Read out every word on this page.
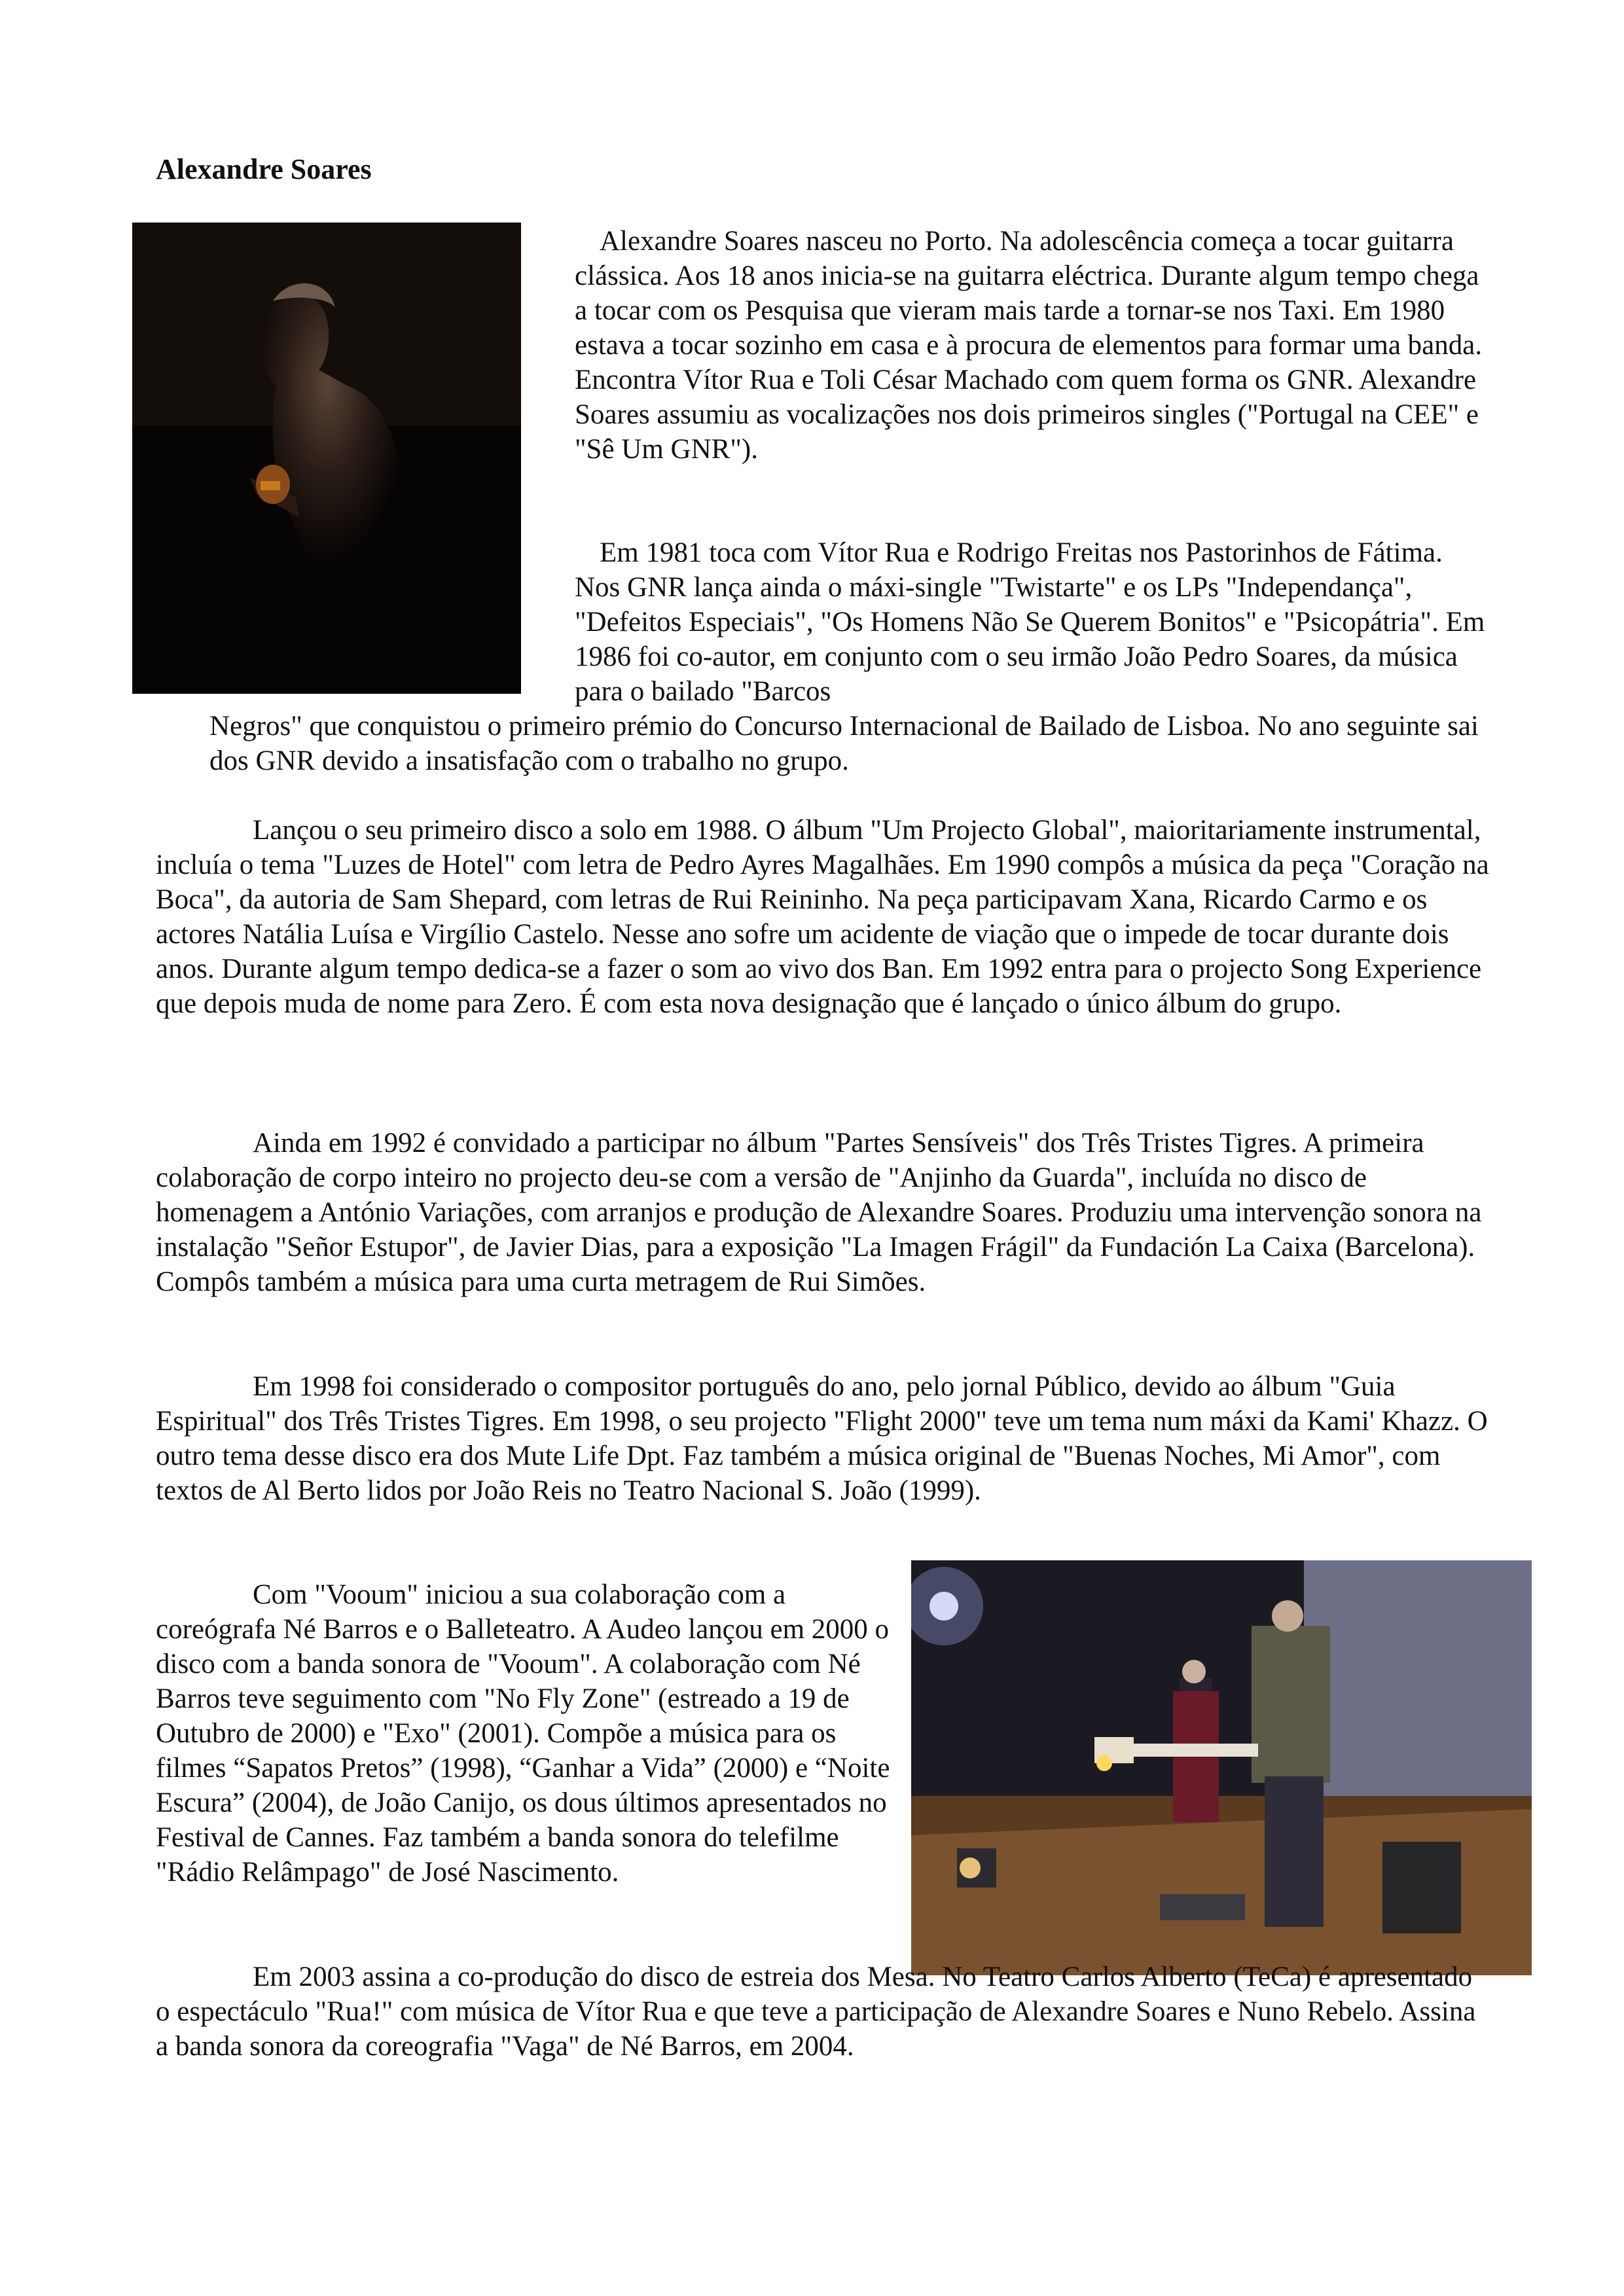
Alexandre Soares

Alexandre Soares nasceu no Porto. Na adolescência começa a tocar guitarra clássica. Aos 18 anos inicia-se na guitarra eléctrica. Durante algum tempo chega a tocar com os Pesquisa que vieram mais tarde a tornar-se nos Taxi. Em 1980 estava a tocar sozinho em casa e à procura de elementos para formar uma banda. Encontra Vítor Rua e Toli César Machado com quem forma os GNR. Alexandre Soares assumiu as vocalizações nos dois primeiros singles ("Portugal na CEE" e "Sê Um GNR").

Em 1981 toca com Vítor Rua e Rodrigo Freitas nos Pastorinhos de Fátima. Nos GNR lança ainda o máxi-single "Twistarte" e os LPs "Independança", "Defeitos Especiais", "Os Homens Não Se Querem Bonitos" e "Psicopátria". Em 1986 foi co-autor, em conjunto com o seu irmão João Pedro Soares, da música para o bailado "Barcos

Negros" que conquistou o primeiro prémio do Concurso Internacional de Bailado de Lisboa. No ano seguinte sai dos GNR devido a insatisfação com o trabalho no grupo.

Lançou o seu primeiro disco a solo em 1988. O álbum "Um Projecto Global", maioritariamente instrumental, incluía o tema "Luzes de Hotel" com letra de Pedro Ayres Magalhães. Em 1990 compôs a música da peça "Coração na Boca", da autoria de Sam Shepard, com letras de Rui Reininho. Na peça participavam Xana, Ricardo Carmo e os actores Natália Luísa e Virgílio Castelo. Nesse ano sofre um acidente de viação que o impede de tocar durante dois anos. Durante algum tempo dedica-se a fazer o som ao vivo dos Ban. Em 1992 entra para o projecto Song Experience que depois muda de nome para Zero. É com esta nova designação que é lançado o único álbum do grupo.

Ainda em 1992 é convidado a participar no álbum "Partes Sensíveis" dos Três Tristes Tigres. A primeira colaboração de corpo inteiro no projecto deu-se com a versão de "Anjinho da Guarda", incluída no disco de homenagem a António Variações, com arranjos e produção de Alexandre Soares. Produziu uma intervenção sonora na instalação "Señor Estupor", de Javier Dias, para a exposição "La Imagen Frágil" da Fundación La Caixa (Barcelona). Compôs também a música para uma curta metragem de Rui Simões.

Em 1998 foi considerado o compositor português do ano, pelo jornal Público, devido ao álbum "Guia Espiritual" dos Três Tristes Tigres. Em 1998, o seu projecto "Flight 2000" teve um tema num máxi da Kami' Khazz. O outro tema desse disco era dos Mute Life Dpt. Faz também a música original de "Buenas Noches, Mi Amor", com textos de Al Berto lidos por João Reis no Teatro Nacional S. João (1999).

Com "Vooum" iniciou a sua colaboração com a coreógrafa Né Barros e o Balleteatro. A Audeo lançou em 2000 o disco com a banda sonora de "Vooum". A colaboração com Né Barros teve seguimento com "No Fly Zone" (estreado a 19 de Outubro de 2000) e "Exo" (2001). Compõe a música para os filmes “Sapatos Pretos” (1998), “Ganhar a Vida” (2000) e “Noite Escura” (2004), de João Canijo, os dous últimos apresentados no Festival de Cannes. Faz também a banda sonora do telefilme "Rádio Relâmpago" de José Nascimento.

Em 2003 assina a co-produção do disco de estreia dos Mesa. No Teatro Carlos Alberto (TeCa) é apresentado o espectáculo "Rua!" com música de Vítor Rua e que teve a participação de Alexandre Soares e Nuno Rebelo. Assina a banda sonora da coreografia "Vaga" de Né Barros, em 2004.
